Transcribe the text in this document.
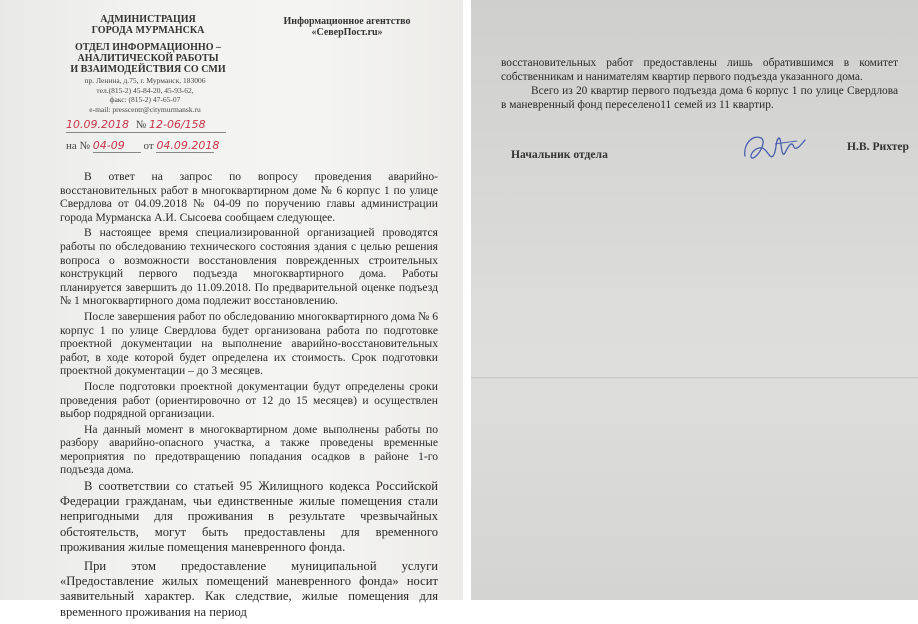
АДМИНИСТРАЦИЯ
ГОРОДА МУРМАНСКА
ОТДЕЛ ИНФОРМАЦИОННО –
АНАЛИТИЧЕСКОЙ РАБОТЫ
И ВЗАИМОДЕЙСТВИЯ СО СМИ
пр. Ленина, д.75, г. Мурманск, 183006
тел.(815-2) 45-84-20, 45-93-62,
факс: (815-2) 47-65-07
e-mail: presscentr@citymurmansk.ru
Информационное агентство
«СеверПост.ru»
10.09.2018 № 12-06/158
на № 04-09 от 04.09.2018

В ответ на запрос по вопросу проведения аварийно-восстановительных работ в многоквартирном доме № 6 корпус 1 по улице Свердлова от 04.09.2018 № 04-09 по поручению главы администрации города Мурманска А.И. Сысоева сообщаем следующее.

В настоящее время специализированной организацией проводятся работы по обследованию технического состояния здания с целью решения вопроса о возможности восстановления поврежденных строительных конструкций первого подъезда многоквартирного дома. Работы планируется завершить до 11.09.2018. По предварительной оценке подъезд № 1 многоквартирного дома подлежит восстановлению.

После завершения работ по обследованию многоквартирного дома № 6 корпус 1 по улице Свердлова будет организована работа по подготовке проектной документации на выполнение аварийно-восстановительных работ, в ходе которой будет определена их стоимость. Срок подготовки проектной документации – до 3 месяцев.

После подготовки проектной документации будут определены сроки проведения работ (ориентировочно от 12 до 15 месяцев) и осуществлен выбор подрядной организации.

На данный момент в многоквартирном доме выполнены работы по разбору аварийно-опасного участка, а также проведены временные мероприятия по предотвращению попадания осадков в районе 1-го подъезда дома.

В соответствии со статьей 95 Жилищного кодекса Российской Федерации гражданам, чьи единственные жилые помещения стали непригодными для проживания в результате чрезвычайных обстоятельств, могут быть предоставлены для временного проживания жилые помещения маневренного фонда.

При этом предоставление муниципальной услуги «Предоставление жилых помещений маневренного фонда» носит заявительный характер. Как следствие, жилые помещения для временного проживания на период

восстановительных работ предоставлены лишь обратившимся в комитет собственникам и нанимателям квартир первого подъезда указанного дома.

Всего из 20 квартир первого подъезда дома 6 корпус 1 по улице Свердлова в маневренный фонд переселено11 семей из 11 квартир.

Начальник отдела
Н.В. Рихтер
